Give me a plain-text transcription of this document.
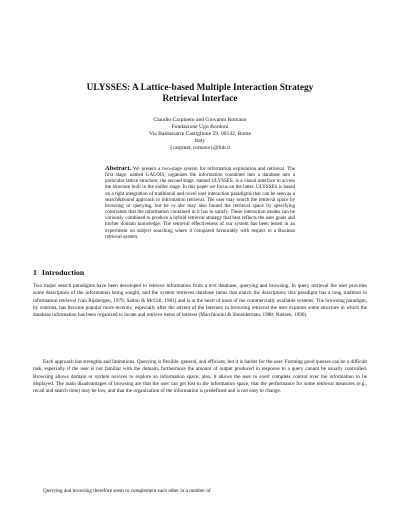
ULYSSES: A Lattice-based Multiple Interaction Strategy
Retrieval Interface
Claudio Carpineto and Giovanni Romano
Fondazione Ugo Bordoni
Via Baldassarre Castiglione 59, 00142, Rome
Italy
{carpinet, romano}@fub.it

Abstract. We present a two-stage system for information exploration and retrieval. The first stage, named GALOIS, organizes the information contained into a database into a particular lattice structure; the second stage, named ULYSSES, is a visual interface to access the structure built in the earlier stage. In this paper we focus on the latter. ULYSSES is based on a tight integration of traditional and novel user interaction paradigms that can be seen as a search&bound approach to information retrieval. The user may search the retrieval space by browsing or querying, but he or she may also bound the retrieval space by specifying constraints that the information contained in it has to satisfy. These interaction modes can be variously combined to produce a hybrid retrieval strategy that best reflects the user goals and his/her domain knowledge. The retrieval effectiveness of our system has been tested in an experiment on subject searching where it compared favourably with respect to a Boolean retrieval system.

1 Introduction

Two major search paradigms have been developed to retrieve information from a text database, querying and browsing. In query retrieval the user provides some description of the information being sought, and the system retrieves database items that match the description; this paradigm has a long tradition in information retrieval (van Rijsbergen, 1979; Salton & McGill, 1983) and is at the heart of most of the commercially available systems. The browsing paradigm, by contrast, has become popular more recently, especially after the advent of the Internet; in browsing retrieval the user explores some structure in which the database information has been organized to locate and retrieve items of interest (Marchionini & Shneiderman, 1988; Nielsen, 1990).

Each approach has strengths and limitations. Querying is flexible, general, and efficient, but it is harder for the user. Forming good queries can be a difficult task, especially if the user is not familiar with the domain; furthermore the amount of output produced in response to a query cannot be usually controlled. Browsing allows domain or system novices to explore an information space; also, it allows the user to exert complete control over the information to be displayed. The main disadvantages of browsing are that the user can get lost in the information space, that the performance for some retrieval measures (e.g., recall and search time) may be low, and that the organization of the information is predefined and is not easy to change.

Querying and browsing therefore seem to complement each other in a number of
